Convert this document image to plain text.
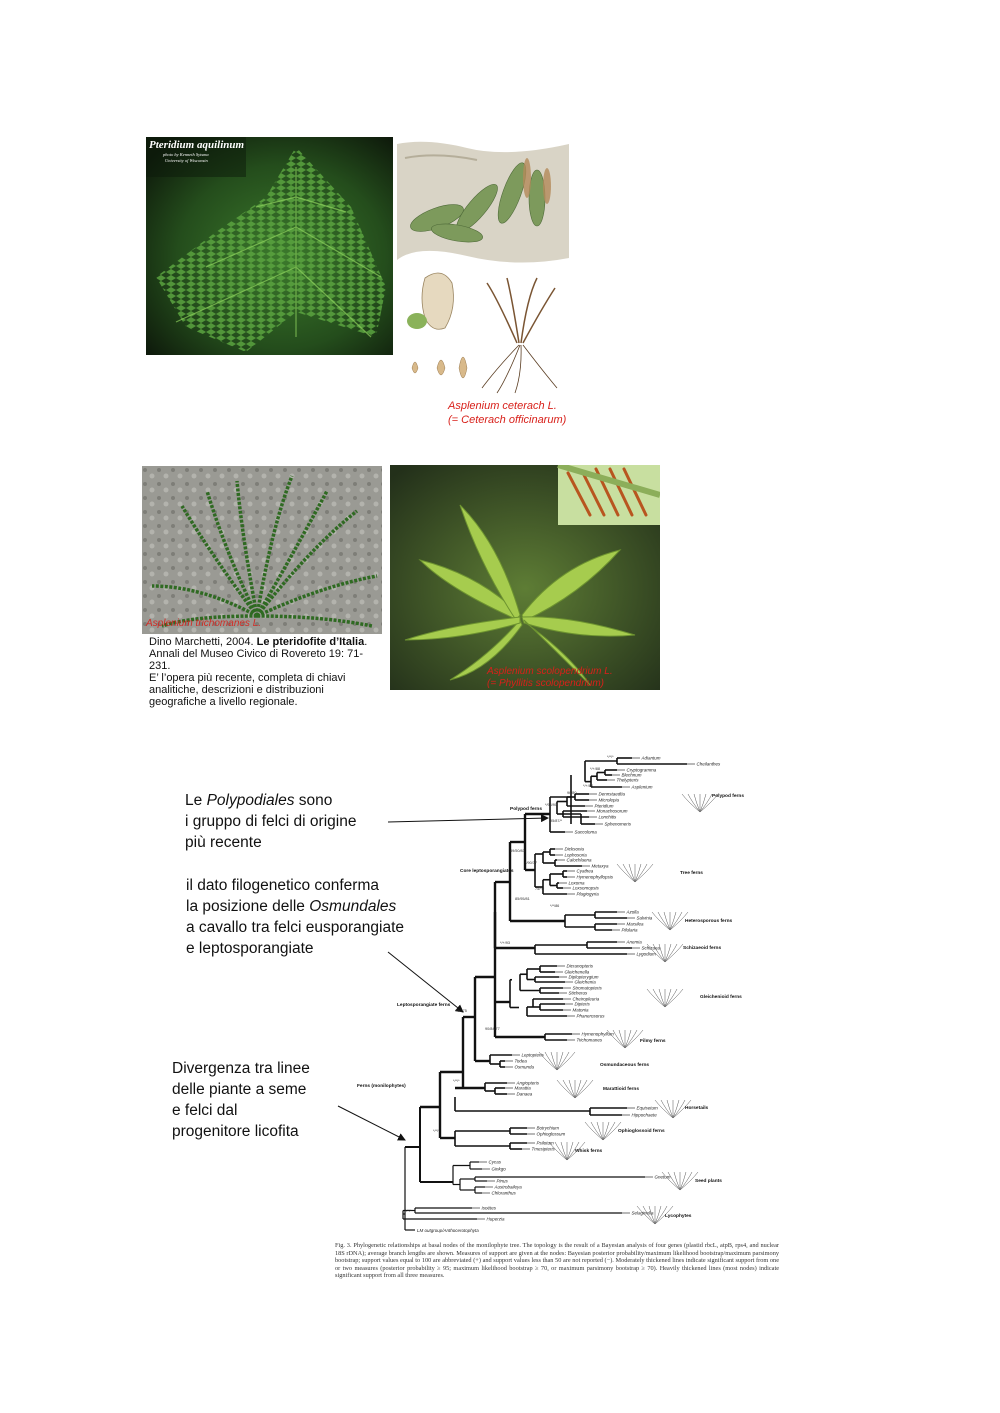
Pteridium aquilinum
photo by Kenneth Sytsma
University of Wisconsin
Asplenium ceterach L.
(= Ceterach officinarum)
Asplenium trichomanes L.
Dino Marchetti, 2004. Le pteridofite d’Italia. Annali del Museo Civico di Rovereto 19: 71-231.
E’ l’opera più recente, completa di chiavi analitiche, descrizioni e distribuzioni geografiche a livello regionale.
Asplenium scolopendrium L.
(= Phyllitis scolopendrium)
Le Polypodiales sono
i gruppo di felci di origine
più recente
il dato filogenetico conferma
la posizione delle Osmundales
a cavallo tra felci eusporangiate
e leptosporangiate
Divergenza tra linee
delle piante a seme
e felci dal
progenitore licofita
Adiantum
Cheilanthes
Cryptogramma
Blechnum
Thelypteris
Asplenium
Dennstaedtia
Microlepia
Pteridium
Monachosorum
Lonchitis
Sphenomeris
Saccoloma
Dicksonia
Lophosoria
Calochlaena
Metaxya
Cyathea
Hymenophyllopsis
Loxoma
Loxsomopsis
Plagiogyria
Azolla
Salvinia
Marsilea
Pilularia
Anemia
Schizaea
Lygodium
Dicranopteris
Gleichenella
Diplopterygium
Gleichenia
Stromatopteris
Sticherus
Cheiropleuria
Dipteris
Matonia
Phanerosorus
Hymenophyllum
Trichomanes
Leptopteris
Todea
Osmunda
Angiopteris
Marattia
Danaea
Equisetum
Hippochaete
Botrychium
Ophioglossum
Psilotum
Tmesipteris
Cycas
Ginkgo
Pinus
Gnetum
Austrobaileya
Chloranthus
Isoëtes
Selaginella
Huperzia
LM outgroup/Anthocerotophyta
Polypod ferns
Core leptosporangiates
Leptosporangiate ferns
Ferns (monilophytes)
Polypod ferns
Tree ferns
Heterosporous ferns
Schizaeoid ferns
Gleichenioid ferns
Filmy ferns
Osmundaceous ferns
Marattioid ferns
Horsetails
Ophioglossoid ferns
Whisk ferns
Seed plants
Lycophytes
*/*/*
*/+/88
*/+/84
96/80
*/96/90
95/87/*
89/50/83
*/90/77
85/95/81
75/*/*
*/*/86
*/+/93
95/-/75
90/84/77
*/*/*
*/*/*
*/*/*
Fig. 3. Phylogenetic relationships at basal nodes of the monilophyte tree. The topology is the result of a Bayesian analysis of four genes (plastid rbcL, atpB, rps4, and nuclear 18S rDNA); average branch lengths are shown. Measures of support are given at the nodes: Bayesian posterior probability/maximum likelihood bootstrap/maximum parsimony bootstrap; support values equal to 100 are abbreviated (+) and support values less than 50 are not reported (−). Moderately thickened lines indicate significant support from one or two measures (posterior probability ≥ 95; maximum likelihood bootstrap ≥ 70, or maximum parsimony bootstrap ≥ 70). Heavily thickened lines (most nodes) indicate significant support from all three measures.
